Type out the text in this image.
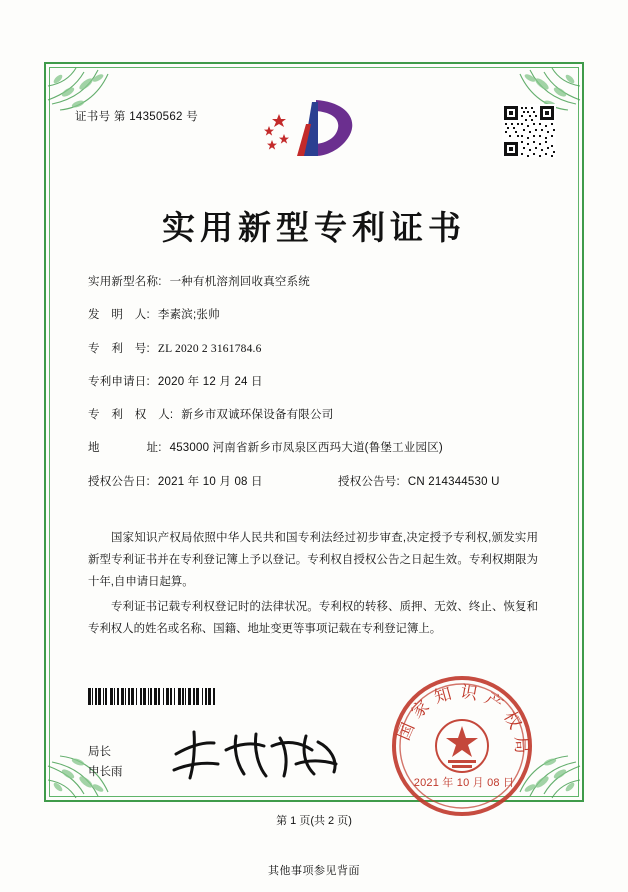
证书号 第 14350562 号
实用新型专利证书
实用新型名称: 一种有机溶剂回收真空系统
发　明　人: 李素滨;张帅
专　利　号: ZL 2020 2 3161784.6
专利申请日: 2020 年 12 月 24 日
专　利　权　人: 新乡市双诚环保设备有限公司
地　　　　址: 453000 河南省新乡市凤泉区西玛大道(鲁堡工业园区)
授权公告日: 2021 年 10 月 08 日	授权公告号: CN 214344530 U

国家知识产权局依照中华人民共和国专利法经过初步审查,决定授予专利权,颁发实用新型专利证书并在专利登记簿上予以登记。专利权自授权公告之日起生效。专利权期限为十年,自申请日起算。

专利证书记载专利权登记时的法律状况。专利权的转移、质押、无效、终止、恢复和专利权人的姓名或名称、国籍、地址变更等事项记载在专利登记簿上。

局长
申长雨
国家知识产权局
2021 年 10 月 08 日
第 1 页(共 2 页)
其他事项参见背面
